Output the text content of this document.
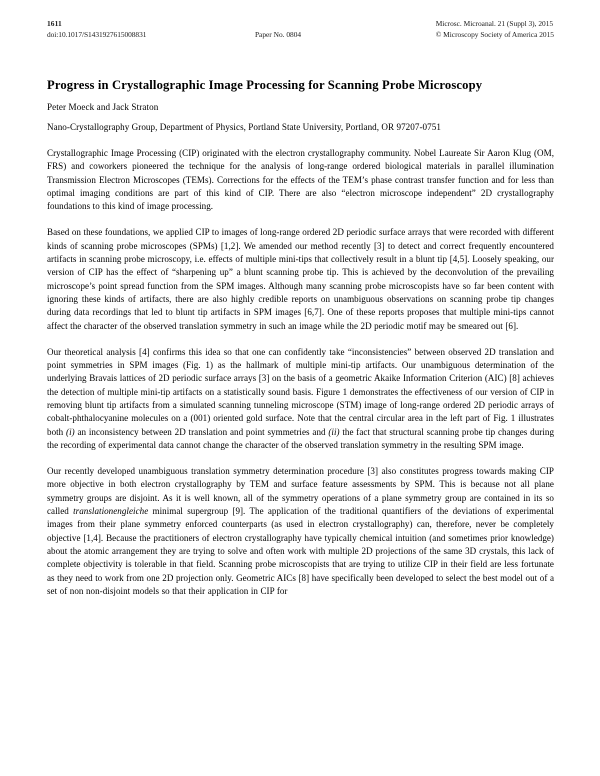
1611
doi:10.1017/S1431927615008831	Paper No. 0804
Microsc. Microanal. 21 (Suppl 3), 2015
© Microscopy Society of America 2015
Progress in Crystallographic Image Processing for Scanning Probe Microscopy
Peter Moeck and Jack Straton
Nano-Crystallography Group, Department of Physics, Portland State University, Portland, OR 97207-0751

Crystallographic Image Processing (CIP) originated with the electron crystallography community. Nobel Laureate Sir Aaron Klug (OM, FRS) and coworkers pioneered the technique for the analysis of long-range ordered biological materials in parallel illumination Transmission Electron Microscopes (TEMs). Corrections for the effects of the TEM’s phase contrast transfer function and for less than optimal imaging conditions are part of this kind of CIP. There are also “electron microscope independent” 2D crystallography foundations to this kind of image processing.

Based on these foundations, we applied CIP to images of long-range ordered 2D periodic surface arrays that were recorded with different kinds of scanning probe microscopes (SPMs) [1,2]. We amended our method recently [3] to detect and correct frequently encountered artifacts in scanning probe microscopy, i.e. effects of multiple mini-tips that collectively result in a blunt tip [4,5]. Loosely speaking, our version of CIP has the effect of “sharpening up” a blunt scanning probe tip. This is achieved by the deconvolution of the prevailing microscope’s point spread function from the SPM images. Although many scanning probe microscopists have so far been content with ignoring these kinds of artifacts, there are also highly credible reports on unambiguous observations on scanning probe tip changes during data recordings that led to blunt tip artifacts in SPM images [6,7]. One of these reports proposes that multiple mini-tips cannot affect the character of the observed translation symmetry in such an image while the 2D periodic motif may be smeared out [6].

Our theoretical analysis [4] confirms this idea so that one can confidently take “inconsistencies” between observed 2D translation and point symmetries in SPM images (Fig. 1) as the hallmark of multiple mini-tip artifacts. Our unambiguous determination of the underlying Bravais lattices of 2D periodic surface arrays [3] on the basis of a geometric Akaike Information Criterion (AIC) [8] achieves the detection of multiple mini-tip artifacts on a statistically sound basis. Figure 1 demonstrates the effectiveness of our version of CIP in removing blunt tip artifacts from a simulated scanning tunneling microscope (STM) image of long-range ordered 2D periodic arrays of cobalt-phthalocyanine molecules on a (001) oriented gold surface. Note that the central circular area in the left part of Fig. 1 illustrates both (i) an inconsistency between 2D translation and point symmetries and (ii) the fact that structural scanning probe tip changes during the recording of experimental data cannot change the character of the observed translation symmetry in the resulting SPM image.

Our recently developed unambiguous translation symmetry determination procedure [3] also constitutes progress towards making CIP more objective in both electron crystallography by TEM and surface feature assessments by SPM. This is because not all plane symmetry groups are disjoint. As it is well known, all of the symmetry operations of a plane symmetry group are contained in its so called translationengleiche minimal supergroup [9]. The application of the traditional quantifiers of the deviations of experimental images from their plane symmetry enforced counterparts (as used in electron crystallography) can, therefore, never be completely objective [1,4]. Because the practitioners of electron crystallography have typically chemical intuition (and sometimes prior knowledge) about the atomic arrangement they are trying to solve and often work with multiple 2D projections of the same 3D crystals, this lack of complete objectivity is tolerable in that field. Scanning probe microscopists that are trying to utilize CIP in their field are less fortunate as they need to work from one 2D projection only. Geometric AICs [8] have specifically been developed to select the best model out of a set of non non-disjoint models so that their application in CIP for
